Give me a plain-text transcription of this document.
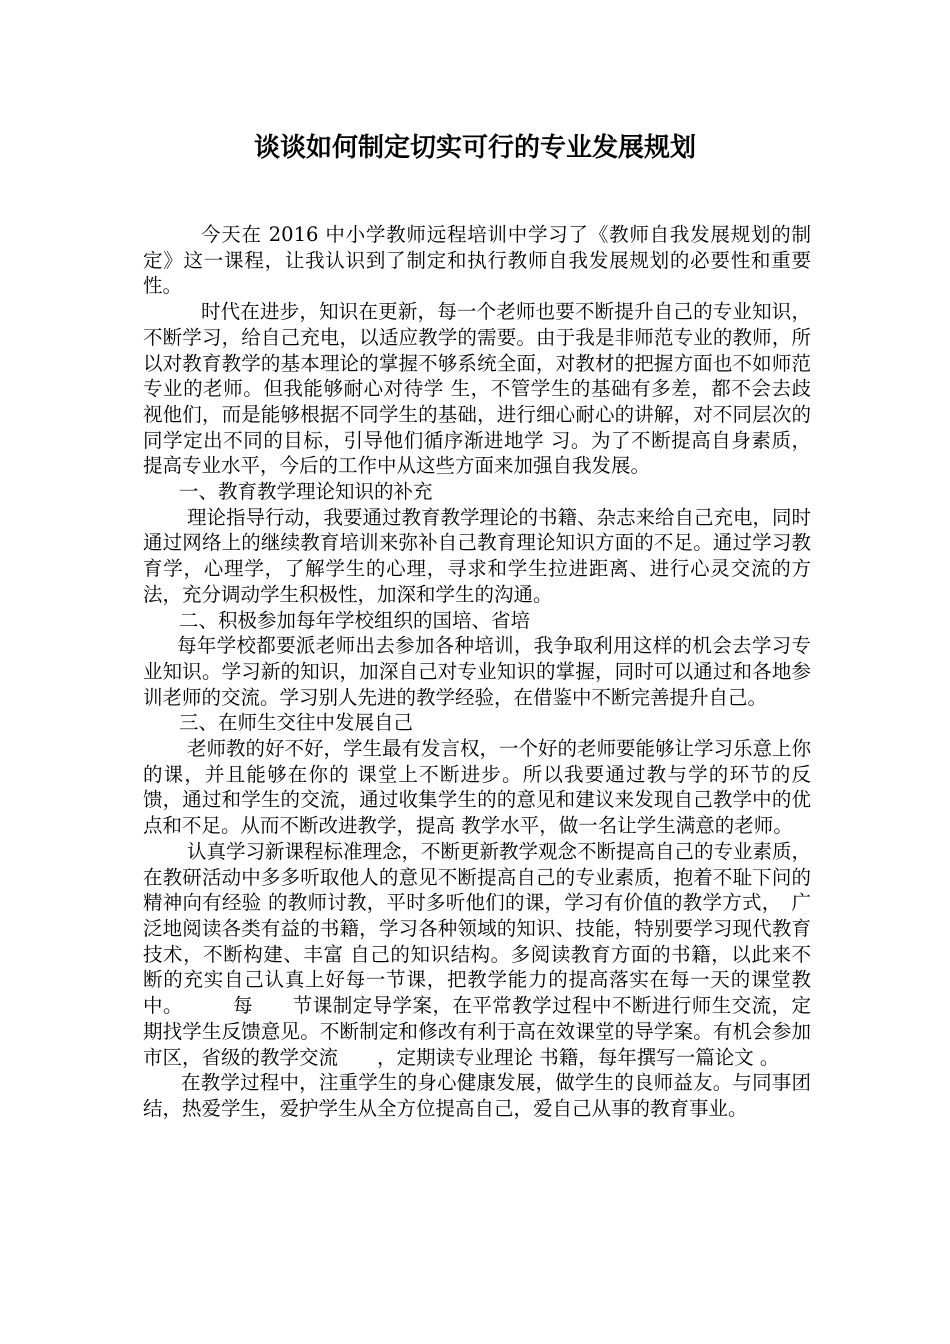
谈谈如何制定切实可行的专业发展规划

今天在 2016 中小学教师远程培训中学习了《教师自我发展规划的制定》这一课程，让我认识到了制定和执行教师自我发展规划的必要性和重要性。

时代在进步，知识在更新，每一个老师也要不断提升自己的专业知识，不断学习，给自己充电，以适应教学的需要。由于我是非师范专业的教师，所以对教育教学的基本理论的掌握不够系统全面，对教材的把握方面也不如师范专业的老师。但我能够耐心对待学 生，不管学生的基础有多差，都不会去歧视他们，而是能够根据不同学生的基础，进行细心耐心的讲解，对不同层次的同学定出不同的目标，引导他们循序渐进地学 习。为了不断提高自身素质，提高专业水平，今后的工作中从这些方面来加强自我发展。

一、教育教学理论知识的补充

理论指导行动，我要通过教育教学理论的书籍、杂志来给自己充电，同时通过网络上的继续教育培训来弥补自己教育理论知识方面的不足。通过学习教育学，心理学，了解学生的心理，寻求和学生拉进距离、进行心灵交流的方法，充分调动学生积极性，加深和学生的沟通。

二、积极参加每年学校组织的国培、省培

每年学校都要派老师出去参加各种培训，我争取利用这样的机会去学习专业知识。学习新的知识，加深自己对专业知识的掌握，同时可以通过和各地参训老师的交流。学习别人先进的教学经验，在借鉴中不断完善提升自己。

三、在师生交往中发展自己

老师教的好不好，学生最有发言权，一个好的老师要能够让学习乐意上你的课，并且能够在你的 课堂上不断进步。所以我要通过教与学的环节的反馈，通过和学生的交流，通过收集学生的的意见和建议来发现自己教学中的优点和不足。从而不断改进教学，提高 教学水平，做一名让学生满意的老师。

认真学习新课程标准理念，不断更新教学观念不断提高自己的专业素质，在教研活动中多多听取他人的意见不断提高自己的专业素质，抱着不耻下问的精神向有经验 的教师讨教，平时多听他们的课，学习有价值的教学方式，　广泛地阅读各类有益的书籍，学习各种领域的知识、技能，特别要学习现代教育技术，不断构建、丰富 自己的知识结构。多阅读教育方面的书籍，以此来不断的充实自己认真上好每一节课，把教学能力的提高落实在每一天的课堂教中。　　　每　　节课制定导学案，在平常教学过程中不断进行师生交流，定期找学生反馈意见。不断制定和修改有利于高在效课堂的导学案。有机会参加市区，省级的教学交流　　，定期读专业理论 书籍，每年撰写一篇论文 。

在教学过程中，注重学生的身心健康发展，做学生的良师益友。与同事团结，热爱学生，爱护学生从全方位提高自己，爱自己从事的教育事业。
